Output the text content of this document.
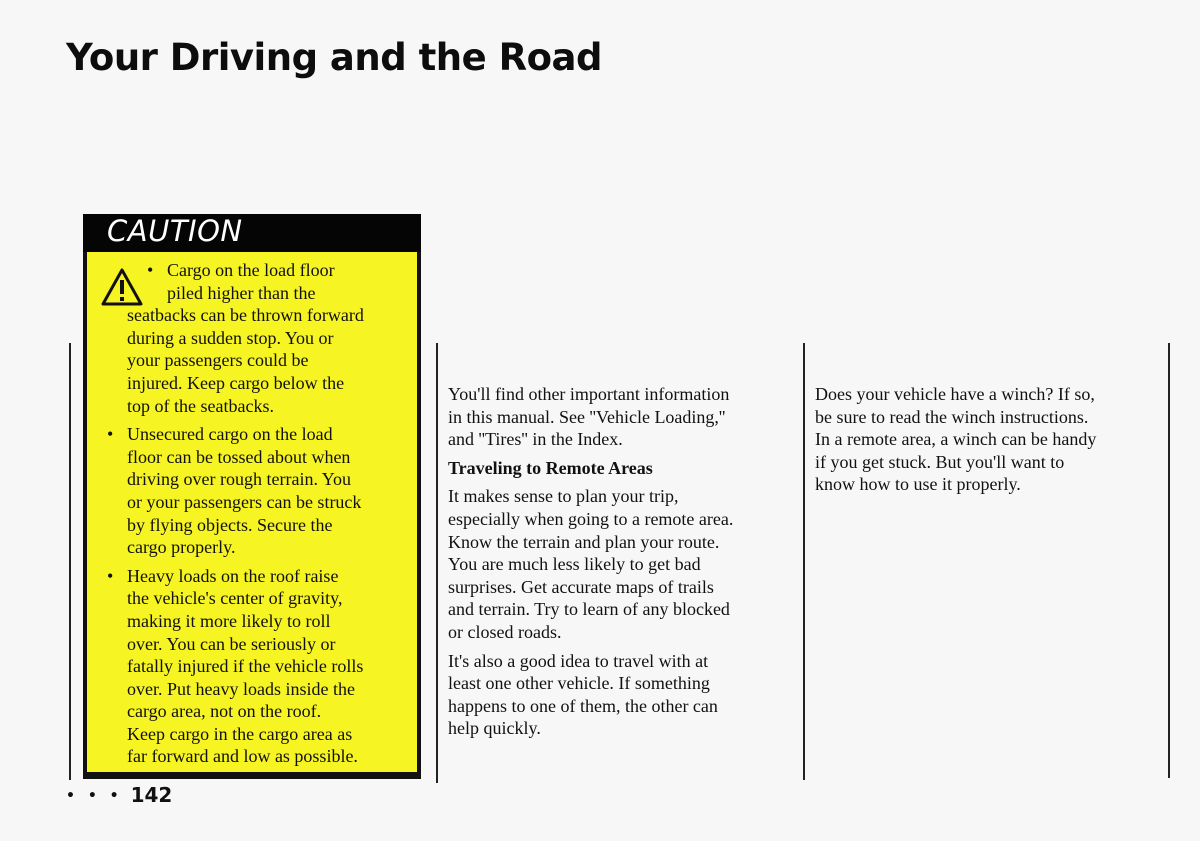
Your Driving and the Road
CAUTION
• Cargo on the load floor
piled higher than the
seatbacks can be thrown forward
during a sudden stop. You or
your passengers could be
injured. Keep cargo below the
top of the seatbacks.
• Unsecured cargo on the load
floor can be tossed about when
driving over rough terrain. You
or your passengers can be struck
by flying objects. Secure the
cargo properly.
• Heavy loads on the roof raise
the vehicle's center of gravity,
making it more likely to roll
over. You can be seriously or
fatally injured if the vehicle rolls
over. Put heavy loads inside the
cargo area, not on the roof.
Keep cargo in the cargo area as
far forward and low as possible.

You'll find other important information
in this manual. See ''Vehicle Loading,''
and ''Tires'' in the Index.

Traveling to Remote Areas

It makes sense to plan your trip,
especially when going to a remote area.
Know the terrain and plan your route.
You are much less likely to get bad
surprises. Get accurate maps of trails
and terrain. Try to learn of any blocked
or closed roads.

It's also a good idea to travel with at
least one other vehicle. If something
happens to one of them, the other can
help quickly.

Does your vehicle have a winch? If so,
be sure to read the winch instructions.
In a remote area, a winch can be handy
if you get stuck. But you'll want to
know how to use it properly.

• • • 142
